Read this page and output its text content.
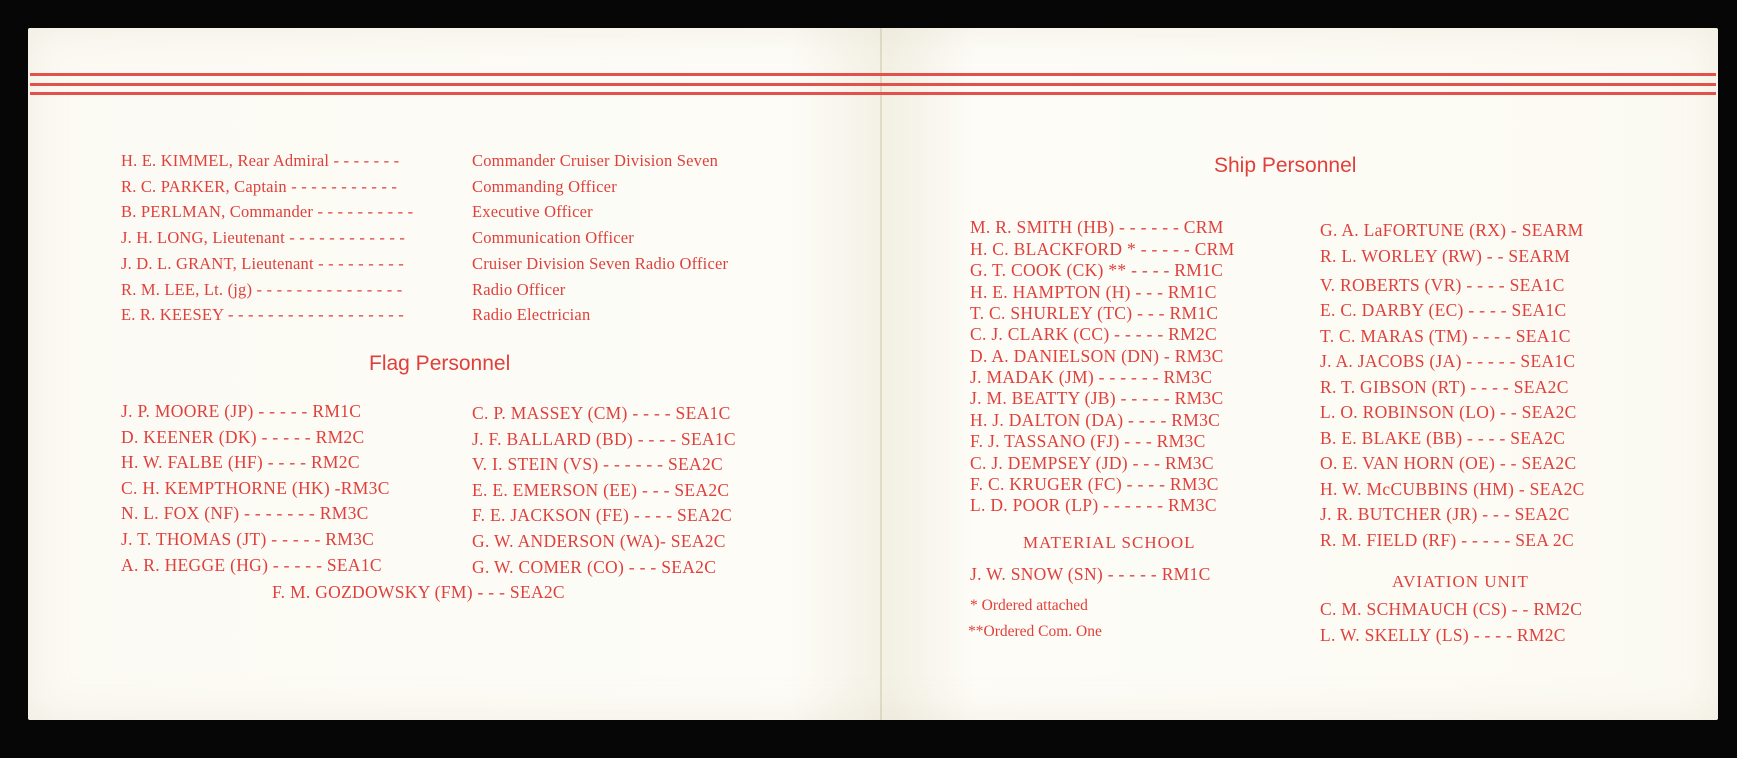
H. E. KIMMEL, Rear Admiral - - - - - - -	Commander Cruiser Division Seven
R. C. PARKER, Captain - - - - - - - - - - -	Commanding Officer
B. PERLMAN, Commander - - - - - - - - - -	Executive Officer
J. H. LONG, Lieutenant - - - - - - - - - - - -	Communication Officer
J. D. L. GRANT, Lieutenant - - - - - - - - -	Cruiser Division Seven Radio Officer
R. M. LEE, Lt. (jg) - - - - - - - - - - - - - - -	Radio Officer
E. R. KEESEY - - - - - - - - - - - - - - - - - -	Radio Electrician
Flag Personnel
J. P. MOORE (JP) - - - - - RM1C
D. KEENER (DK) - - - - - RM2C
H. W. FALBE (HF) - - - - RM2C
C. H. KEMPTHORNE (HK) -RM3C
N. L. FOX (NF) - - - - - - - RM3C
J. T. THOMAS (JT) - - - - - RM3C
A. R. HEGGE (HG) - - - - - SEA1C
C. P. MASSEY (CM) - - - - SEA1C
J. F. BALLARD (BD) - - - - SEA1C
V. I. STEIN (VS) - - - - - - SEA2C
E. E. EMERSON (EE) - - - SEA2C
F. E. JACKSON (FE) - - - - SEA2C
G. W. ANDERSON (WA)- SEA2C
G. W. COMER (CO) - - - SEA2C
F. M. GOZDOWSKY (FM) - - - SEA2C
Ship Personnel
M. R. SMITH (HB) - - - - - - CRM
H. C. BLACKFORD * - - - - - CRM
G. T. COOK (CK) ** - - - - RM1C
H. E. HAMPTON (H) - - - RM1C
T. C. SHURLEY (TC) - - - RM1C
C. J. CLARK (CC) - - - - - RM2C
D. A. DANIELSON (DN) - RM3C
J. MADAK (JM) - - - - - - RM3C
J. M. BEATTY (JB) - - - - - RM3C
H. J. DALTON (DA) - - - - RM3C
F. J. TASSANO (FJ) - - - RM3C
C. J. DEMPSEY (JD) - - - RM3C
F. C. KRUGER (FC) - - - - RM3C
L. D. POOR (LP) - - - - - - RM3C
MATERIAL SCHOOL
J. W. SNOW (SN) - - - - - RM1C
* Ordered attached
**Ordered Com. One
G. A. LaFORTUNE (RX) - SEARM
R. L. WORLEY (RW) - - SEARM
V. ROBERTS (VR) - - - - SEA1C
E. C. DARBY (EC) - - - - SEA1C
T. C. MARAS (TM) - - - - SEA1C
J. A. JACOBS (JA) - - - - - SEA1C
R. T. GIBSON (RT) - - - - SEA2C
L. O. ROBINSON (LO) - - SEA2C
B. E. BLAKE (BB) - - - - SEA2C
O. E. VAN HORN (OE) - - SEA2C
H. W. McCUBBINS (HM) - SEA2C
J. R. BUTCHER (JR) - - - SEA2C
R. M. FIELD (RF) - - - - - SEA 2C
AVIATION UNIT
C. M. SCHMAUCH (CS) - - RM2C
L. W. SKELLY (LS) - - - - RM2C
